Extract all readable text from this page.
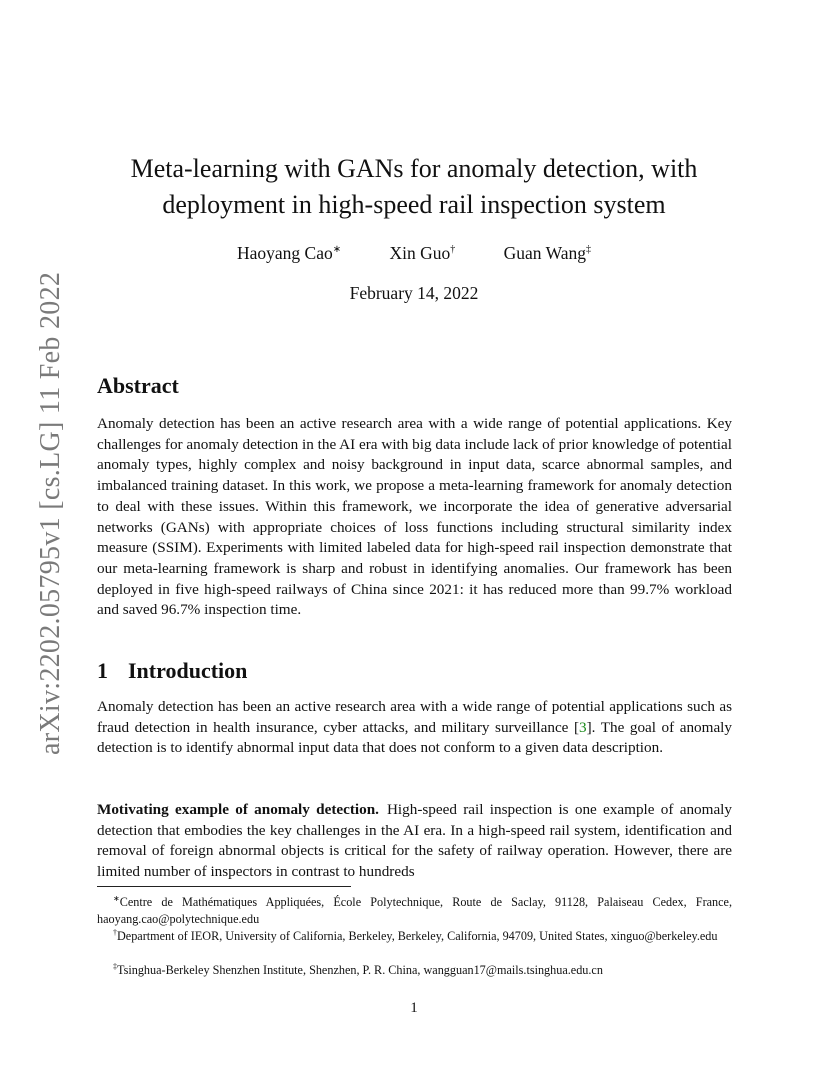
arXiv:2202.05795v1 [cs.LG] 11 Feb 2022
Meta-learning with GANs for anomaly detection, with
deployment in high-speed rail inspection system
Haoyang Cao∗	Xin Guo†	Guan Wang‡
February 14, 2022
Abstract

Anomaly detection has been an active research area with a wide range of potential applications. Key challenges for anomaly detection in the AI era with big data include lack of prior knowledge of potential anomaly types, highly complex and noisy background in input data, scarce abnormal samples, and imbalanced training dataset. In this work, we propose a meta-learning framework for anomaly detection to deal with these issues. Within this framework, we incorporate the idea of generative adversarial networks (GANs) with appropriate choices of loss functions including structural similarity index measure (SSIM). Experiments with limited labeled data for high-speed rail inspection demonstrate that our meta-learning framework is sharp and robust in identifying anomalies. Our framework has been deployed in five high-speed railways of China since 2021: it has reduced more than 99.7% workload and saved 96.7% inspection time.

1 Introduction

Anomaly detection has been an active research area with a wide range of potential applications such as fraud detection in health insurance, cyber attacks, and military surveillance [3]. The goal of anomaly detection is to identify abnormal input data that does not conform to a given data description.

Motivating example of anomaly detection. High-speed rail inspection is one example of anomaly detection that embodies the key challenges in the AI era. In a high-speed rail system, identification and removal of foreign abnormal objects is critical for the safety of railway operation. However, there are limited number of inspectors in contrast to hundreds

∗Centre de Mathématiques Appliquées, École Polytechnique, Route de Saclay, 91128, Palaiseau Cedex, France, haoyang.cao@polytechnique.edu

†Department of IEOR, University of California, Berkeley, Berkeley, California, 94709, United States, xinguo@berkeley.edu

‡Tsinghua-Berkeley Shenzhen Institute, Shenzhen, P. R. China, wangguan17@mails.tsinghua.edu.cn

1
